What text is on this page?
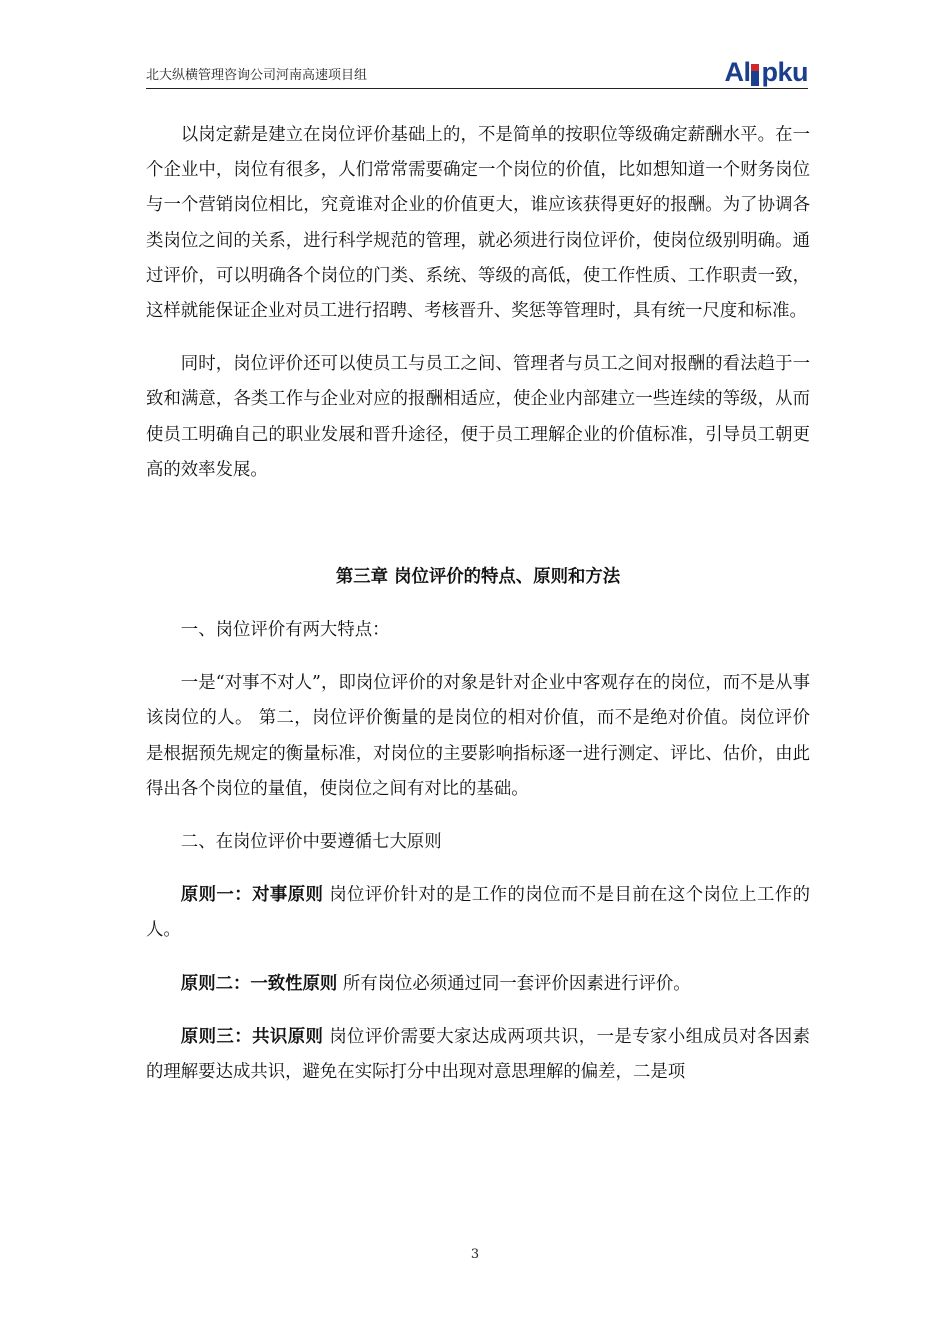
北大纵横管理咨询公司河南高速项目组	Al pku

以岗定薪是建立在岗位评价基础上的，不是简单的按职位等级确定薪酬水平。在一个企业中，岗位有很多，人们常常需要确定一个岗位的价值，比如想知道一个财务岗位与一个营销岗位相比，究竟谁对企业的价值更大，谁应该获得更好的报酬。为了协调各类岗位之间的关系，进行科学规范的管理，就必须进行岗位评价，使岗位级别明确。通过评价，可以明确各个岗位的门类、系统、等级的高低，使工作性质、工作职责一致，这样就能保证企业对员工进行招聘、考核晋升、奖惩等管理时，具有统一尺度和标准。

同时，岗位评价还可以使员工与员工之间、管理者与员工之间对报酬的看法趋于一致和满意，各类工作与企业对应的报酬相适应，使企业内部建立一些连续的等级，从而使员工明确自己的职业发展和晋升途径，便于员工理解企业的价值标准，引导员工朝更高的效率发展。

第三章 岗位评价的特点、原则和方法

一、岗位评价有两大特点：

一是“对事不对人”，即岗位评价的对象是针对企业中客观存在的岗位，而不是从事该岗位的人。 第二，岗位评价衡量的是岗位的相对价值，而不是绝对价值。岗位评价是根据预先规定的衡量标准，对岗位的主要影响指标逐一进行测定、评比、估价，由此得出各个岗位的量值，使岗位之间有对比的基础。

二、在岗位评价中要遵循七大原则

原则一：对事原则 岗位评价针对的是工作的岗位而不是目前在这个岗位上工作的人。

原则二：一致性原则 所有岗位必须通过同一套评价因素进行评价。

原则三：共识原则 岗位评价需要大家达成两项共识，一是专家小组成员对各因素的理解要达成共识，避免在实际打分中出现对意思理解的偏差，二是项

3
